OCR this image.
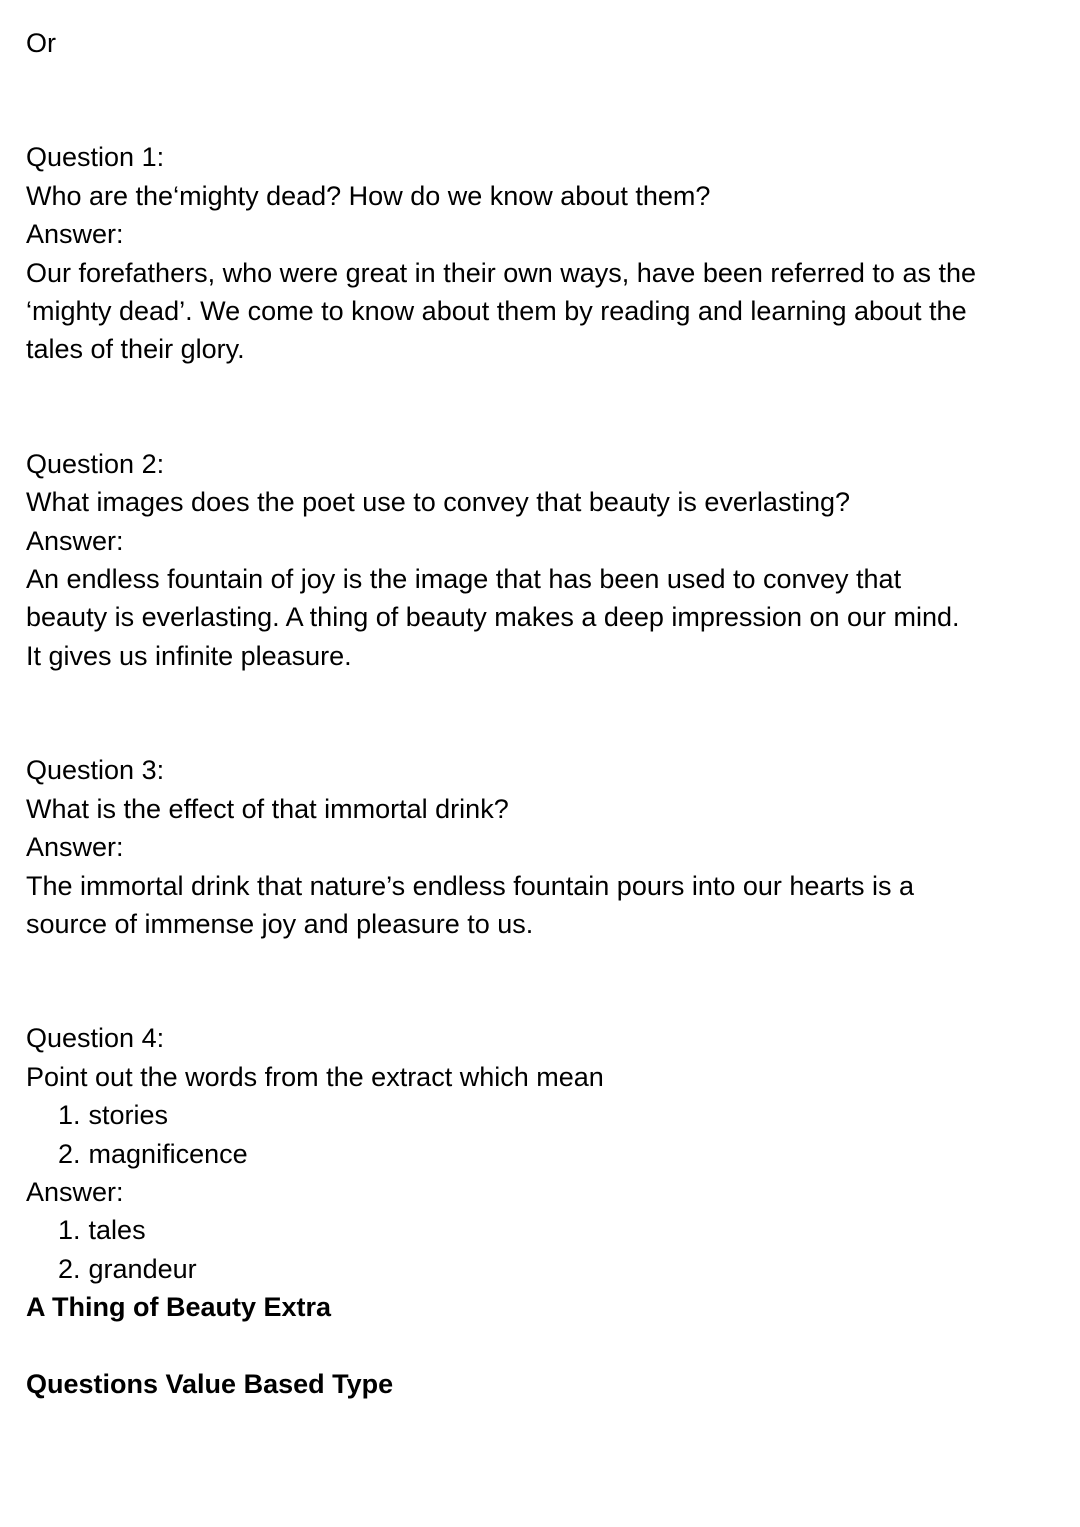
Or
Question 1:
Who are the‘mighty dead? How do we know about them?
Answer:
Our forefathers, who were great in their own ways, have been referred to as the
‘mighty dead’. We come to know about them by reading and learning about the
tales of their glory.
Question 2:
What images does the poet use to convey that beauty is everlasting?
Answer:
An endless fountain of joy is the image that has been used to convey that
beauty is everlasting. A thing of beauty makes a deep impression on our mind.
It gives us infinite pleasure.
Question 3:
What is the effect of that immortal drink?
Answer:
The immortal drink that nature’s endless fountain pours into our hearts is a
source of immense joy and pleasure to us.
Question 4:
Point out the words from the extract which mean
1. stories
2. magnificence
Answer:
1. tales
2. grandeur
A Thing of Beauty Extra
Questions Value Based Type
